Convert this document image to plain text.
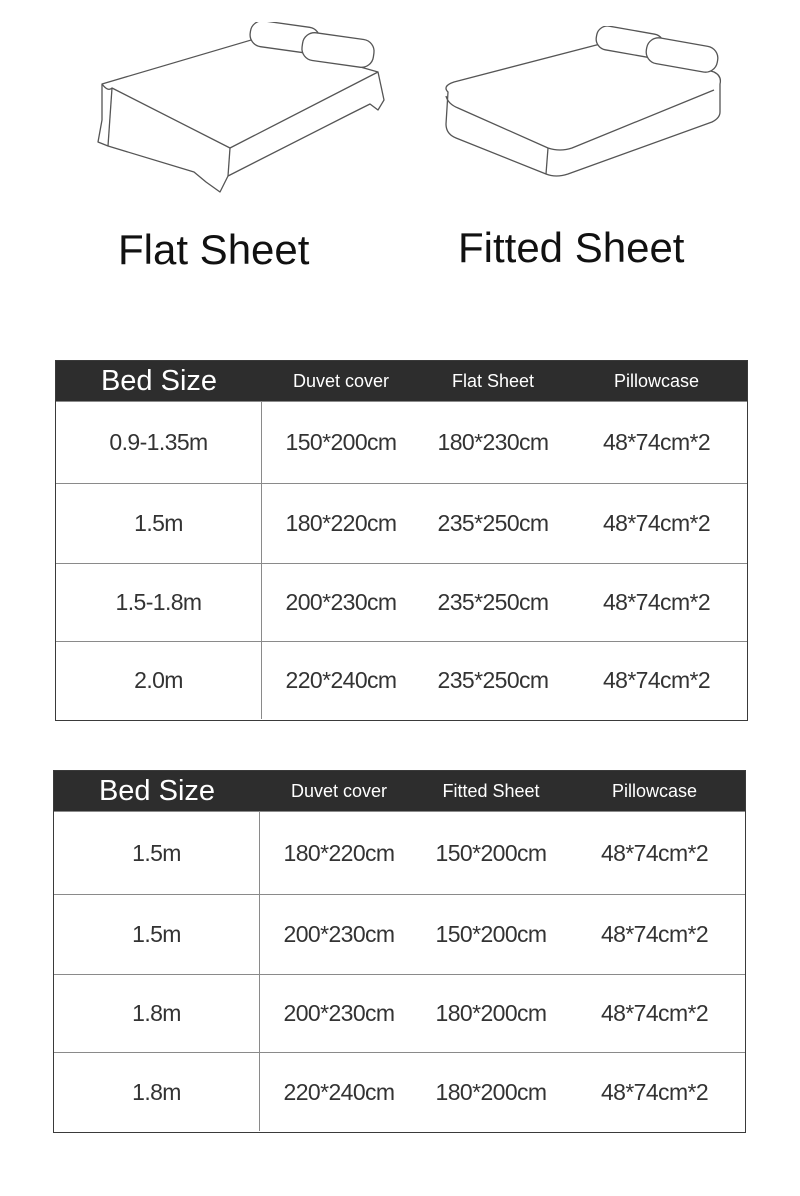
Flat Sheet	Fitted Sheet
Bed Size	Duvet cover	Flat Sheet	Pillowcase
0.9-1.35m	150*200cm	180*230cm	48*74cm*2
1.5m	180*220cm	235*250cm	48*74cm*2
1.5-1.8m	200*230cm	235*250cm	48*74cm*2
2.0m	220*240cm	235*250cm	48*74cm*2
Bed Size	Duvet cover	Fitted Sheet	Pillowcase
1.5m	180*220cm	150*200cm	48*74cm*2
1.5m	200*230cm	150*200cm	48*74cm*2
1.8m	200*230cm	180*200cm	48*74cm*2
1.8m	220*240cm	180*200cm	48*74cm*2
